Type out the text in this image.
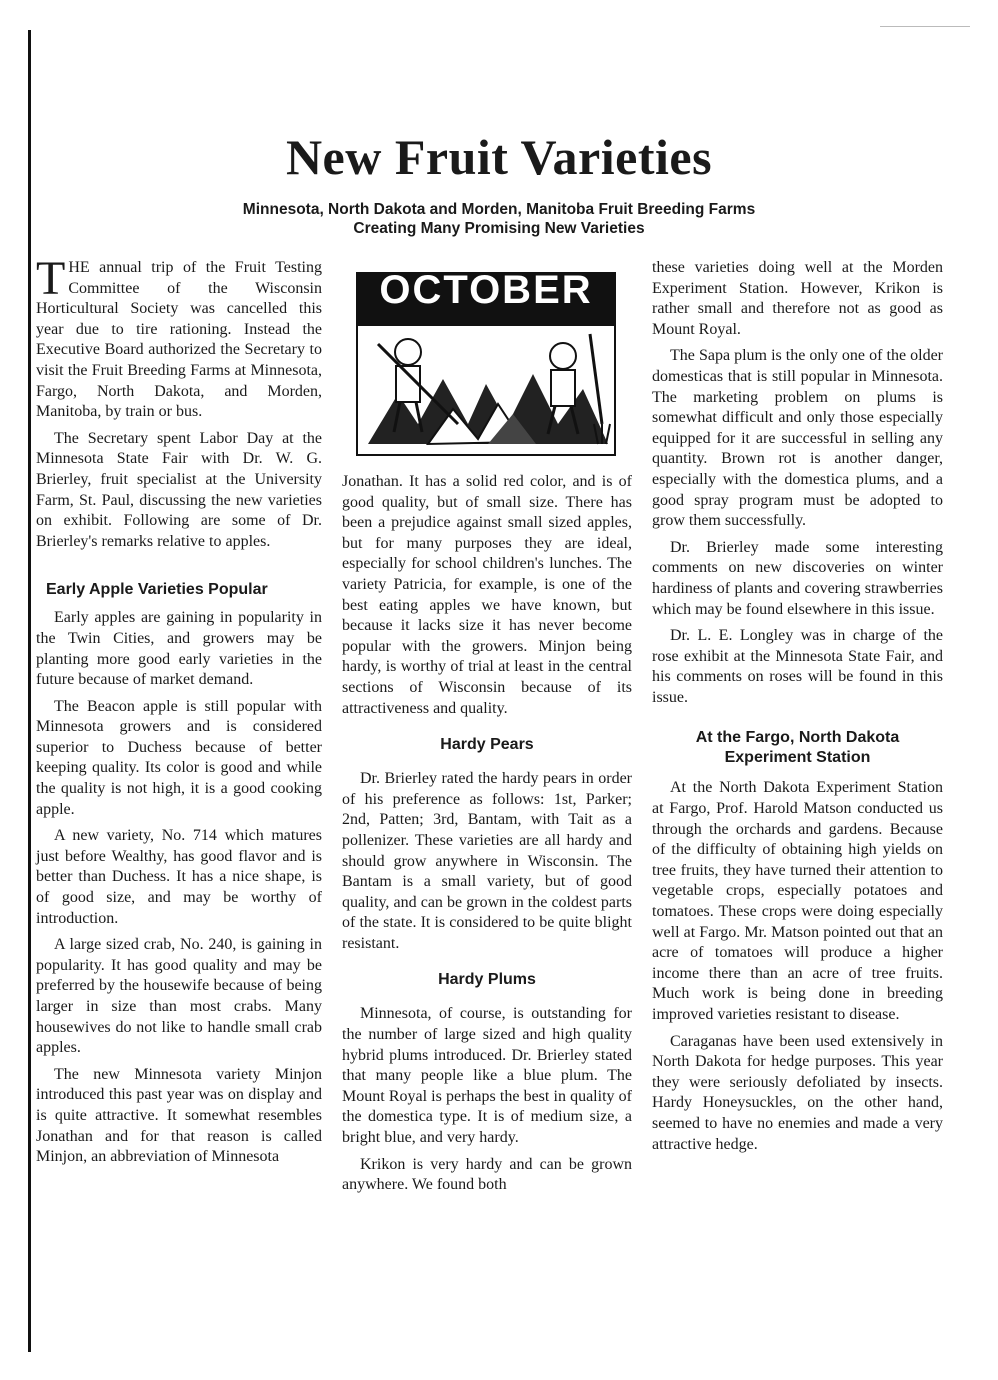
New Fruit Varieties
Minnesota, North Dakota and Morden, Manitoba Fruit Breeding Farms
Creating Many Promising New Varieties

THE annual trip of the Fruit Testing Committee of the Wisconsin Horticultural Society was cancelled this year due to tire rationing. Instead the Executive Board authorized the Secretary to visit the Fruit Breeding Farms at Minnesota, Fargo, North Dakota, and Morden, Manitoba, by train or bus.

The Secretary spent Labor Day at the Minnesota State Fair with Dr. W. G. Brierley, fruit specialist at the University Farm, St. Paul, discussing the new varieties on exhibit. Following are some of Dr. Brierley's remarks relative to apples.

Early Apple Varieties Popular

Early apples are gaining in popularity in the Twin Cities, and growers may be planting more good early varieties in the future because of market demand.

The Beacon apple is still popular with Minnesota growers and is considered superior to Duchess because of better keeping quality. Its color is good and while the quality is not high, it is a good cooking apple.

A new variety, No. 714 which matures just before Wealthy, has good flavor and is better than Duchess. It has a nice shape, is of good size, and may be worthy of introduction.

A large sized crab, No. 240, is gaining in popularity. It has good quality and may be preferred by the housewife because of being larger in size than most crabs. Many housewives do not like to handle small crab apples.

The new Minnesota variety Minjon introduced this past year was on display and is quite attractive. It somewhat resembles Jonathan and for that reason is called Minjon, an abbreviation of Minnesota

OCTOBER

Jonathan. It has a solid red color, and is of good quality, but of small size. There has been a prejudice against small sized apples, but for many purposes they are ideal, especially for school children's lunches. The variety Patricia, for example, is one of the best eating apples we have known, but because it lacks size it has never become popular with the growers. Minjon being hardy, is worthy of trial at least in the central sections of Wisconsin because of its attractiveness and quality.

Hardy Pears

Dr. Brierley rated the hardy pears in order of his preference as follows: 1st, Parker; 2nd, Patten; 3rd, Bantam, with Tait as a pollenizer. These varieties are all hardy and should grow anywhere in Wisconsin. The Bantam is a small variety, but of good quality, and can be grown in the coldest parts of the state. It is considered to be quite blight resistant.

Hardy Plums

Minnesota, of course, is outstanding for the number of large sized and high quality hybrid plums introduced. Dr. Brierley stated that many people like a blue plum. The Mount Royal is perhaps the best in quality of the domestica type. It is of medium size, a bright blue, and very hardy.

Krikon is very hardy and can be grown anywhere. We found both

these varieties doing well at the Morden Experiment Station. However, Krikon is rather small and therefore not as good as Mount Royal.

The Sapa plum is the only one of the older domesticas that is still popular in Minnesota. The marketing problem on plums is somewhat difficult and only those especially equipped for it are successful in selling any quantity. Brown rot is another danger, especially with the domestica plums, and a good spray program must be adopted to grow them successfully.

Dr. Brierley made some interesting comments on new discoveries on winter hardiness of plants and covering strawberries which may be found elsewhere in this issue.

Dr. L. E. Longley was in charge of the rose exhibit at the Minnesota State Fair, and his comments on roses will be found in this issue.

At the Fargo, North Dakota
Experiment Station

At the North Dakota Experiment Station at Fargo, Prof. Harold Matson conducted us through the orchards and gardens. Because of the difficulty of obtaining high yields on tree fruits, they have turned their attention to vegetable crops, especially potatoes and tomatoes. These crops were doing especially well at Fargo. Mr. Matson pointed out that an acre of tomatoes will produce a higher income there than an acre of tree fruits. Much work is being done in breeding improved varieties resistant to disease.

Caraganas have been used extensively in North Dakota for hedge purposes. This year they were seriously defoliated by insects. Hardy Honeysuckles, on the other hand, seemed to have no enemies and made a very attractive hedge.
